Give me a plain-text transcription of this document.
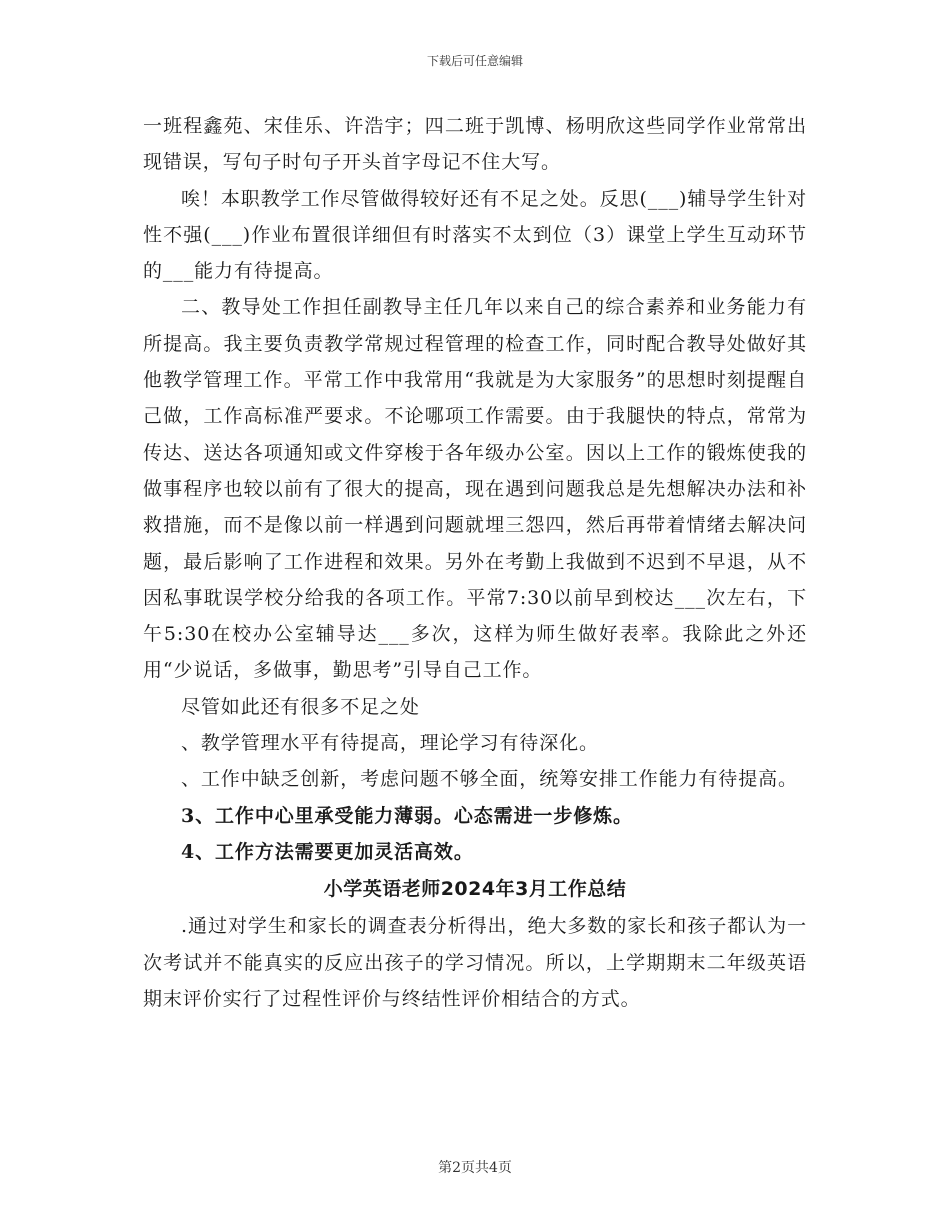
下载后可任意编辑

一班程鑫苑、宋佳乐、许浩宇；四二班于凯博、杨明欣这些同学作业常常出现错误，写句子时句子开头首字母记不住大写。

唉！本职教学工作尽管做得较好还有不足之处。反思(___)辅导学生针对性不强(___)作业布置很详细但有时落实不太到位（3）课堂上学生互动环节的___能力有待提高。

二、教导处工作担任副教导主任几年以来自己的综合素养和业务能力有所提高。我主要负责教学常规过程管理的检查工作，同时配合教导处做好其他教学管理工作。平常工作中我常用“我就是为大家服务”的思想时刻提醒自己做，工作高标准严要求。不论哪项工作需要。由于我腿快的特点，常常为传达、送达各项通知或文件穿梭于各年级办公室。因以上工作的锻炼使我的做事程序也较以前有了很大的提高，现在遇到问题我总是先想解决办法和补救措施，而不是像以前一样遇到问题就埋三怨四，然后再带着情绪去解决问题，最后影响了工作进程和效果。另外在考勤上我做到不迟到不早退，从不因私事耽误学校分给我的各项工作。平常7:30以前早到校达___次左右，下午5:30在校办公室辅导达___多次，这样为师生做好表率。我除此之外还用“少说话，多做事，勤思考”引导自己工作。

尽管如此还有很多不足之处

、教学管理水平有待提高，理论学习有待深化。

、工作中缺乏创新，考虑问题不够全面，统筹安排工作能力有待提高。

3、工作中心里承受能力薄弱。心态需进一步修炼。

4、工作方法需要更加灵活高效。

小学英语老师2024年3月工作总结

.通过对学生和家长的调查表分析得出，绝大多数的家长和孩子都认为一次考试并不能真实的反应出孩子的学习情况。所以，上学期期末二年级英语期末评价实行了过程性评价与终结性评价相结合的方式。

第2页共4页
